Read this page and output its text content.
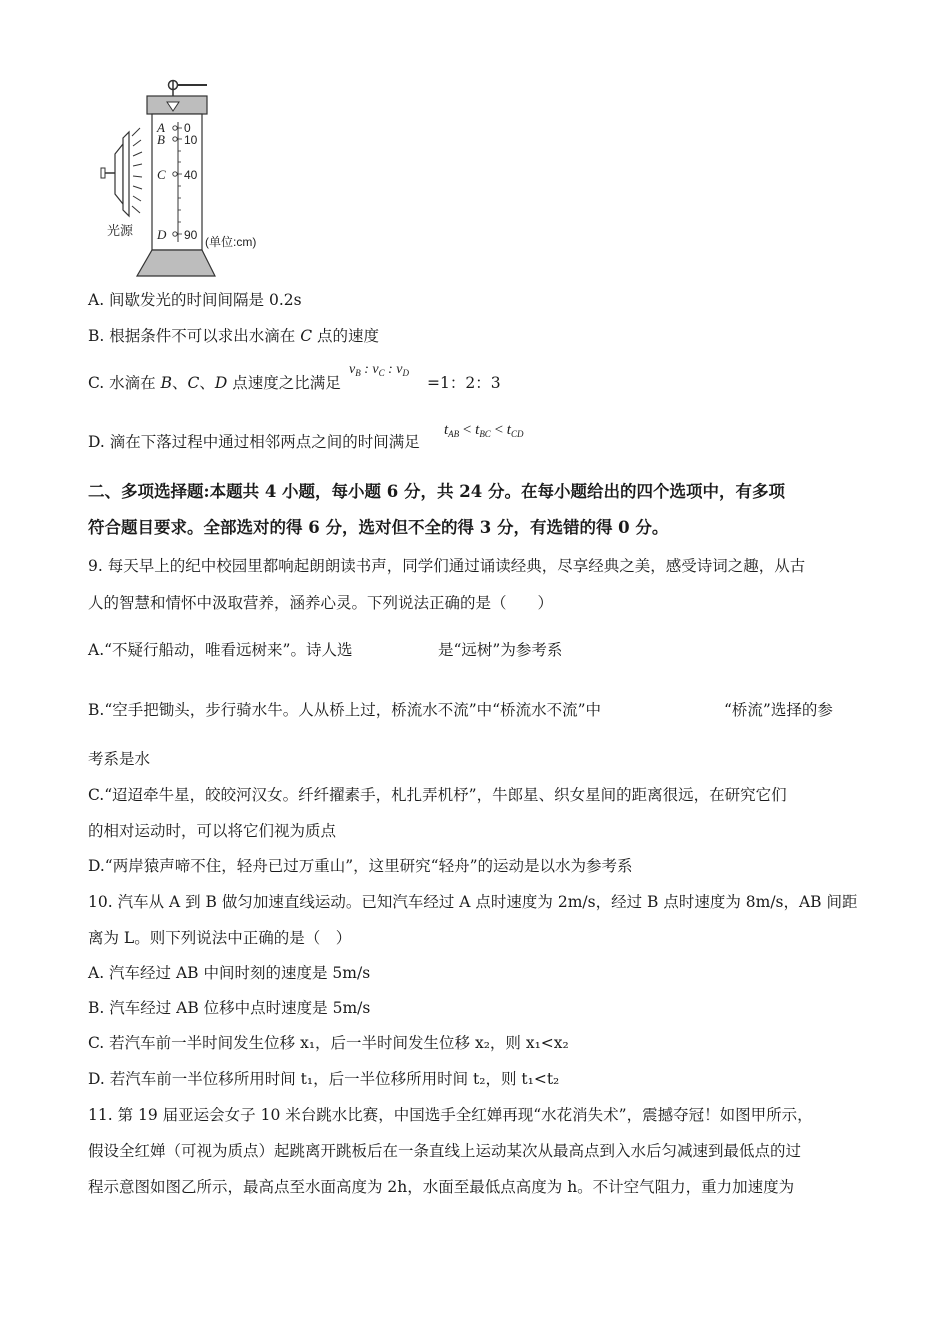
A
B
C
D
0
10
40
90 (单位:cm)
光源
A. 间歇发光的时间间隔是 0.2s
B. 根据条件不可以求出水滴在 C 点的速度
C. 水滴在 B、C、D 点速度之比满足
$v_B$ : $v_C$ : $v_D$
=1：2：3
D. 滴在下落过程中通过相邻两点之间的时间满足
$t_{AB} < t_{BC} < t_{CD}$
二、多项选择题:本题共 4 小题，每小题 6 分，共 24 分。在每小题给出的四个选项中，有多项
符合题目要求。全部选对的得 6 分，选对但不全的得 3 分，有选错的得 0 分。
9. 每天早上的纪中校园里都响起朗朗读书声，同学们通过诵读经典，尽享经典之美，感受诗词之趣，从古
人的智慧和情怀中汲取营养，涵养心灵。下列说法正确的是（　　）
A.“不疑行船动，唯看远树来”。诗人选	是“远树”为参考系
B.“空手把锄头，步行骑水牛。人从桥上过，桥流水不流”中“桥流水不流”中	“桥流”选择的参
考系是水
C.“迢迢牵牛星，皎皎河汉女。纤纤擢素手，札扎弄机杼”，牛郎星、织女星间的距离很远，在研究它们
的相对运动时，可以将它们视为质点
D.“两岸猿声啼不住，轻舟已过万重山”，这里研究“轻舟”的运动是以水为参考系
10. 汽车从 A 到 B 做匀加速直线运动。已知汽车经过 A 点时速度为 2m/s，经过 B 点时速度为 8m/s，AB 间距
离为 L。则下列说法中正确的是（　）
A. 汽车经过 AB 中间时刻的速度是 5m/s
B. 汽车经过 AB 位移中点时速度是 5m/s
C. 若汽车前一半时间发生位移 x₁，后一半时间发生位移 x₂，则 x₁<x₂
D. 若汽车前一半位移所用时间 t₁，后一半位移所用时间 t₂，则 t₁<t₂
11. 第 19 届亚运会女子 10 米台跳水比赛，中国选手全红婵再现“水花消失术”，震撼夺冠！如图甲所示，
假设全红婵（可视为质点）起跳离开跳板后在一条直线上运动某次从最高点到入水后匀减速到最低点的过
程示意图如图乙所示，最高点至水面高度为 2h，水面至最低点高度为 h。不计空气阻力，重力加速度为
